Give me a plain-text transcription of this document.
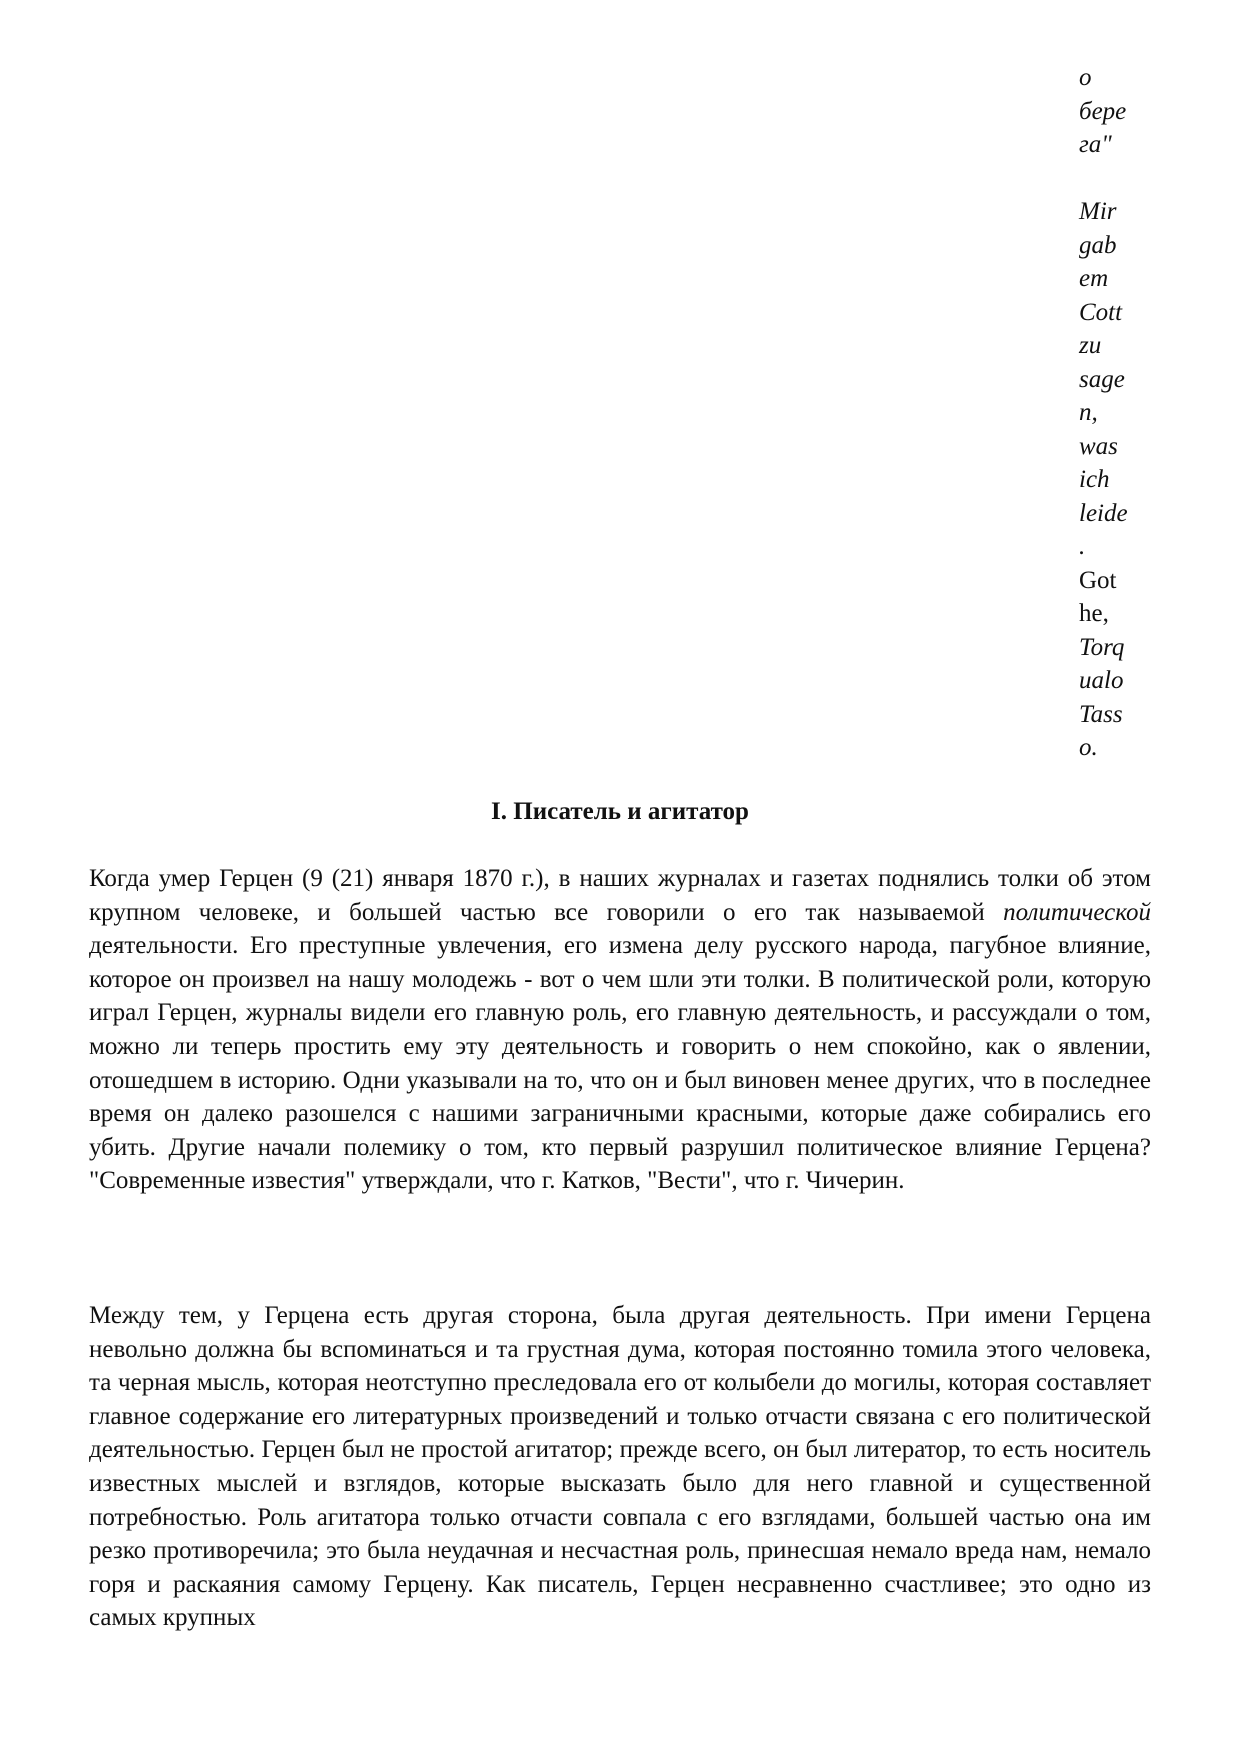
о
бере
га"
Mir
gab
em
Cott
zu
sage
n,
was
ich
leide
.
Got
he,
Torq
ualo
Tass
o.
I. Писатель и агитатор

Когда умер Герцен (9 (21) января 1870 г.), в наших журналах и газетах поднялись толки об этом крупном человеке, и большей частью все говорили о его так называемой политической деятельности. Его преступные увлечения, его измена делу русского народа, пагубное влияние, которое он произвел на нашу молодежь - вот о чем шли эти толки. В политической роли, которую играл Герцен, журналы видели его главную роль, его главную деятельность, и рассуждали о том, можно ли теперь простить ему эту деятельность и говорить о нем спокойно, как о явлении, отошедшем в историю. Одни указывали на то, что он и был виновен менее других, что в последнее время он далеко разошелся с нашими заграничными красными, которые даже собирались его убить. Другие начали полемику о том, кто первый разрушил политическое влияние Герцена? "Современные известия" утверждали, что г. Катков, "Вести", что г. Чичерин.

Между тем, у Герцена есть другая сторона, была другая деятельность. При имени Герцена невольно должна бы вспоминаться и та грустная дума, которая постоянно томила этого человека, та черная мысль, которая неотступно преследовала его от колыбели до могилы, которая составляет главное содержание его литературных произведений и только отчасти связана с его политической деятельностью. Герцен был не простой агитатор; прежде всего, он был литератор, то есть носитель известных мыслей и взглядов, которые высказать было для него главной и существенной потребностью. Роль агитатора только отчасти совпала с его взглядами, большей частью она им резко противоречила; это была неудачная и несчастная роль, принесшая немало вреда нам, немало горя и раскаяния самому Герцену. Как писатель, Герцен несравненно счастливее; это одно из самых крупных
